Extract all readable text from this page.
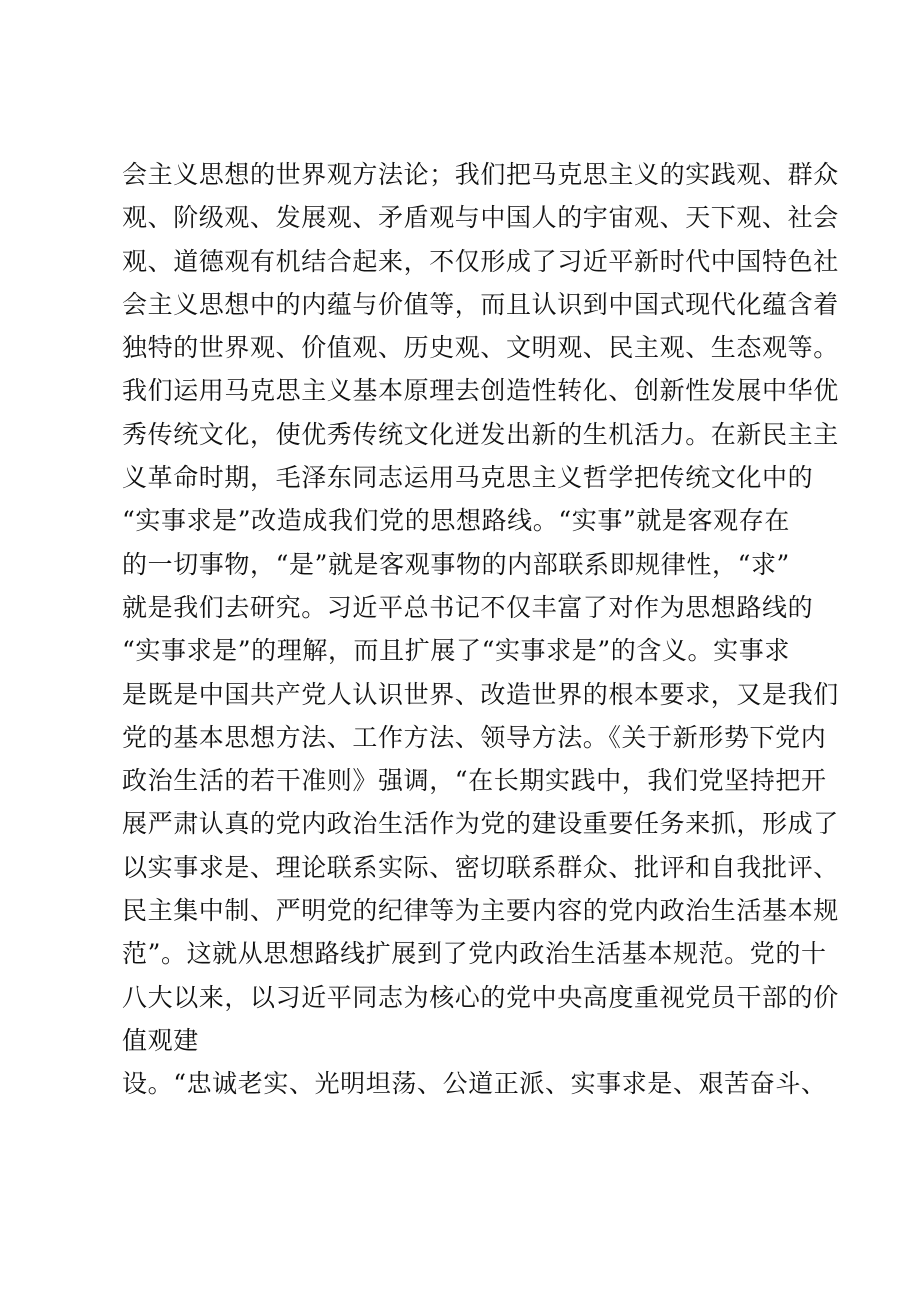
会主义思想的世界观方法论；我们把马克思主义的实践观、群众
观、阶级观、发展观、矛盾观与中国人的宇宙观、天下观、社会
观、道德观有机结合起来，不仅形成了习近平新时代中国特色社
会主义思想中的内蕴与价值等，而且认识到中国式现代化蕴含着
独特的世界观、价值观、历史观、文明观、民主观、生态观等。
我们运用马克思主义基本原理去创造性转化、创新性发展中华优
秀传统文化，使优秀传统文化迸发出新的生机活力。在新民主主
义革命时期，毛泽东同志运用马克思主义哲学把传统文化中的
“实事求是”改造成我们党的思想路线。“实事”就是客观存在
的一切事物，“是”就是客观事物的内部联系即规律性，“求”
就是我们去研究。习近平总书记不仅丰富了对作为思想路线的
“实事求是”的理解，而且扩展了“实事求是”的含义。实事求
是既是中国共产党人认识世界、改造世界的根本要求，又是我们
党的基本思想方法、工作方法、领导方法。《关于新形势下党内
政治生活的若干准则》强调，“在长期实践中，我们党坚持把开
展严肃认真的党内政治生活作为党的建设重要任务来抓，形成了
以实事求是、理论联系实际、密切联系群众、批评和自我批评、
民主集中制、严明党的纪律等为主要内容的党内政治生活基本规
范”。这就从思想路线扩展到了党内政治生活基本规范。党的十
八大以来，以习近平同志为核心的党中央高度重视党员干部的价
值观建
设。“忠诚老实、光明坦荡、公道正派、实事求是、艰苦奋斗、
